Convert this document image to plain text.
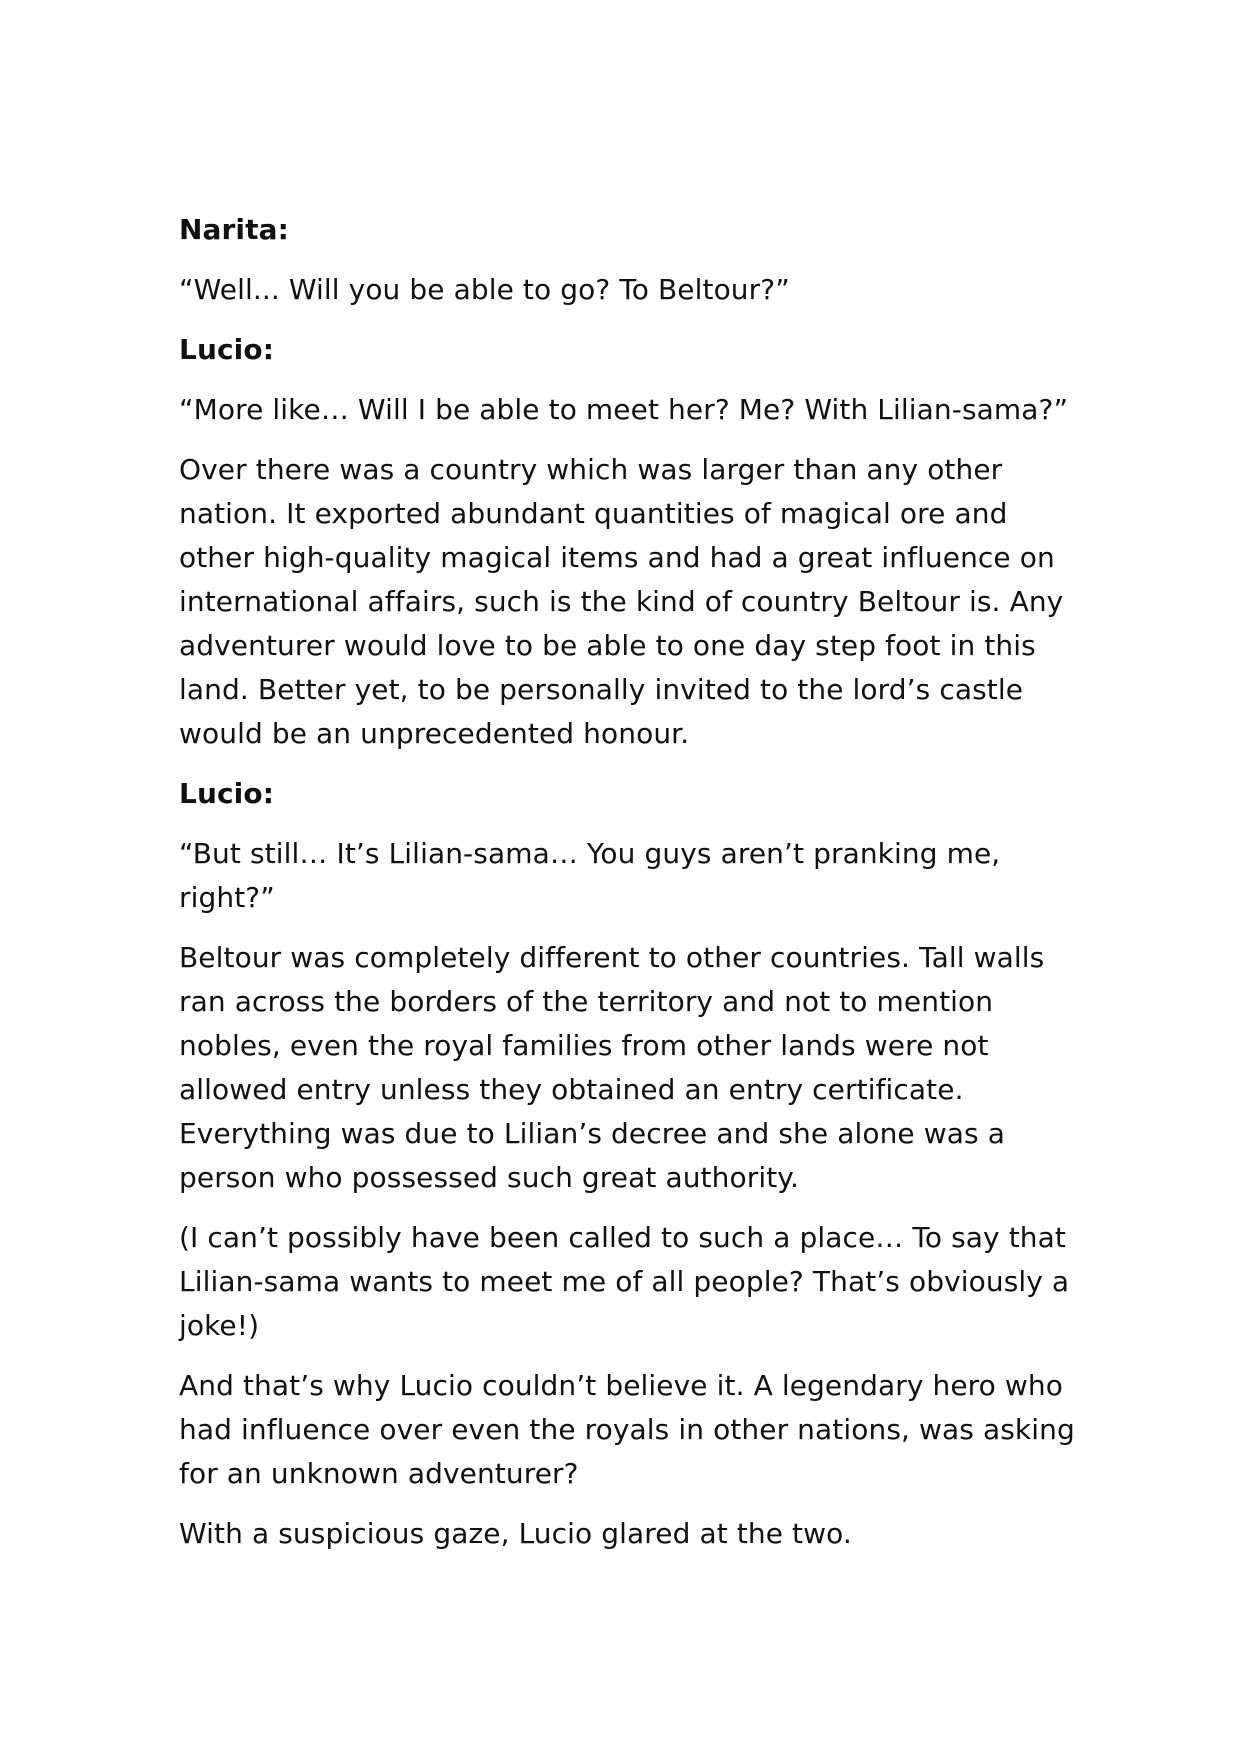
Narita:

“Well... Will you be able to go? To Beltour?”

Lucio:

“More like… Will I be able to meet her? Me? With Lilian-sama?”

Over there was a country which was larger than any other nation. It exported abundant quantities of magical ore and other high-quality magical items and had a great influence on international affairs, such is the kind of country Beltour is. Any adventurer would love to be able to one day step foot in this land. Better yet, to be personally invited to the lord’s castle would be an unprecedented honour.

Lucio:

“But still… It’s Lilian-sama… You guys aren’t pranking me, right?”

Beltour was completely different to other countries. Tall walls ran across the borders of the territory and not to mention nobles, even the royal families from other lands were not allowed entry unless they obtained an entry certificate. Everything was due to Lilian’s decree and she alone was a person who possessed such great authority.

(I can’t possibly have been called to such a place… To say that Lilian-sama wants to meet me of all people? That’s obviously a joke!)

And that’s why Lucio couldn’t believe it. A legendary hero who had influence over even the royals in other nations, was asking for an unknown adventurer?

With a suspicious gaze, Lucio glared at the two.
